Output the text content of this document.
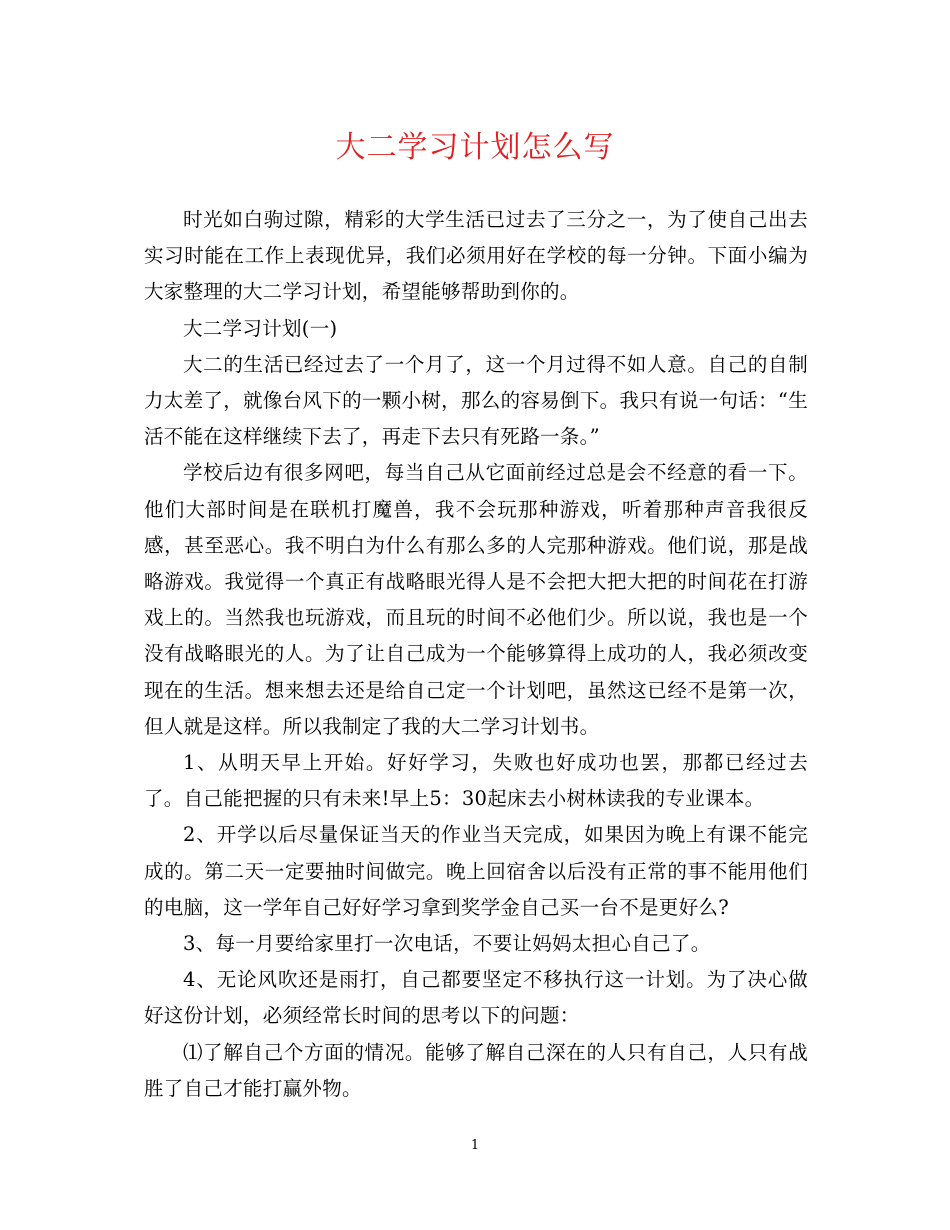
大二学习计划怎么写

时光如白驹过隙，精彩的大学生活已过去了三分之一，为了使自己出去实习时能在工作上表现优异，我们必须用好在学校的每一分钟。下面小编为大家整理的大二学习计划，希望能够帮助到你的。

大二学习计划(一)

大二的生活已经过去了一个月了，这一个月过得不如人意。自己的自制力太差了，就像台风下的一颗小树，那么的容易倒下。我只有说一句话：“生活不能在这样继续下去了，再走下去只有死路一条。”

学校后边有很多网吧，每当自己从它面前经过总是会不经意的看一下。他们大部时间是在联机打魔兽，我不会玩那种游戏，听着那种声音我很反感，甚至恶心。我不明白为什么有那么多的人完那种游戏。他们说，那是战略游戏。我觉得一个真正有战略眼光得人是不会把大把大把的时间花在打游戏上的。当然我也玩游戏，而且玩的时间不必他们少。所以说，我也是一个没有战略眼光的人。为了让自己成为一个能够算得上成功的人，我必须改变现在的生活。想来想去还是给自己定一个计划吧，虽然这已经不是第一次，但人就是这样。所以我制定了我的大二学习计划书。

1、从明天早上开始。好好学习，失败也好成功也罢，那都已经过去了。自己能把握的只有未来!早上5：30起床去小树林读我的专业课本。

2、开学以后尽量保证当天的作业当天完成，如果因为晚上有课不能完成的。第二天一定要抽时间做完。晚上回宿舍以后没有正常的事不能用他们的电脑，这一学年自己好好学习拿到奖学金自己买一台不是更好么?

3、每一月要给家里打一次电话，不要让妈妈太担心自己了。

4、无论风吹还是雨打，自己都要坚定不移执行这一计划。为了决心做好这份计划，必须经常长时间的思考以下的问题：

⑴了解自己个方面的情况。能够了解自己深在的人只有自己，人只有战胜了自己才能打赢外物。

1
